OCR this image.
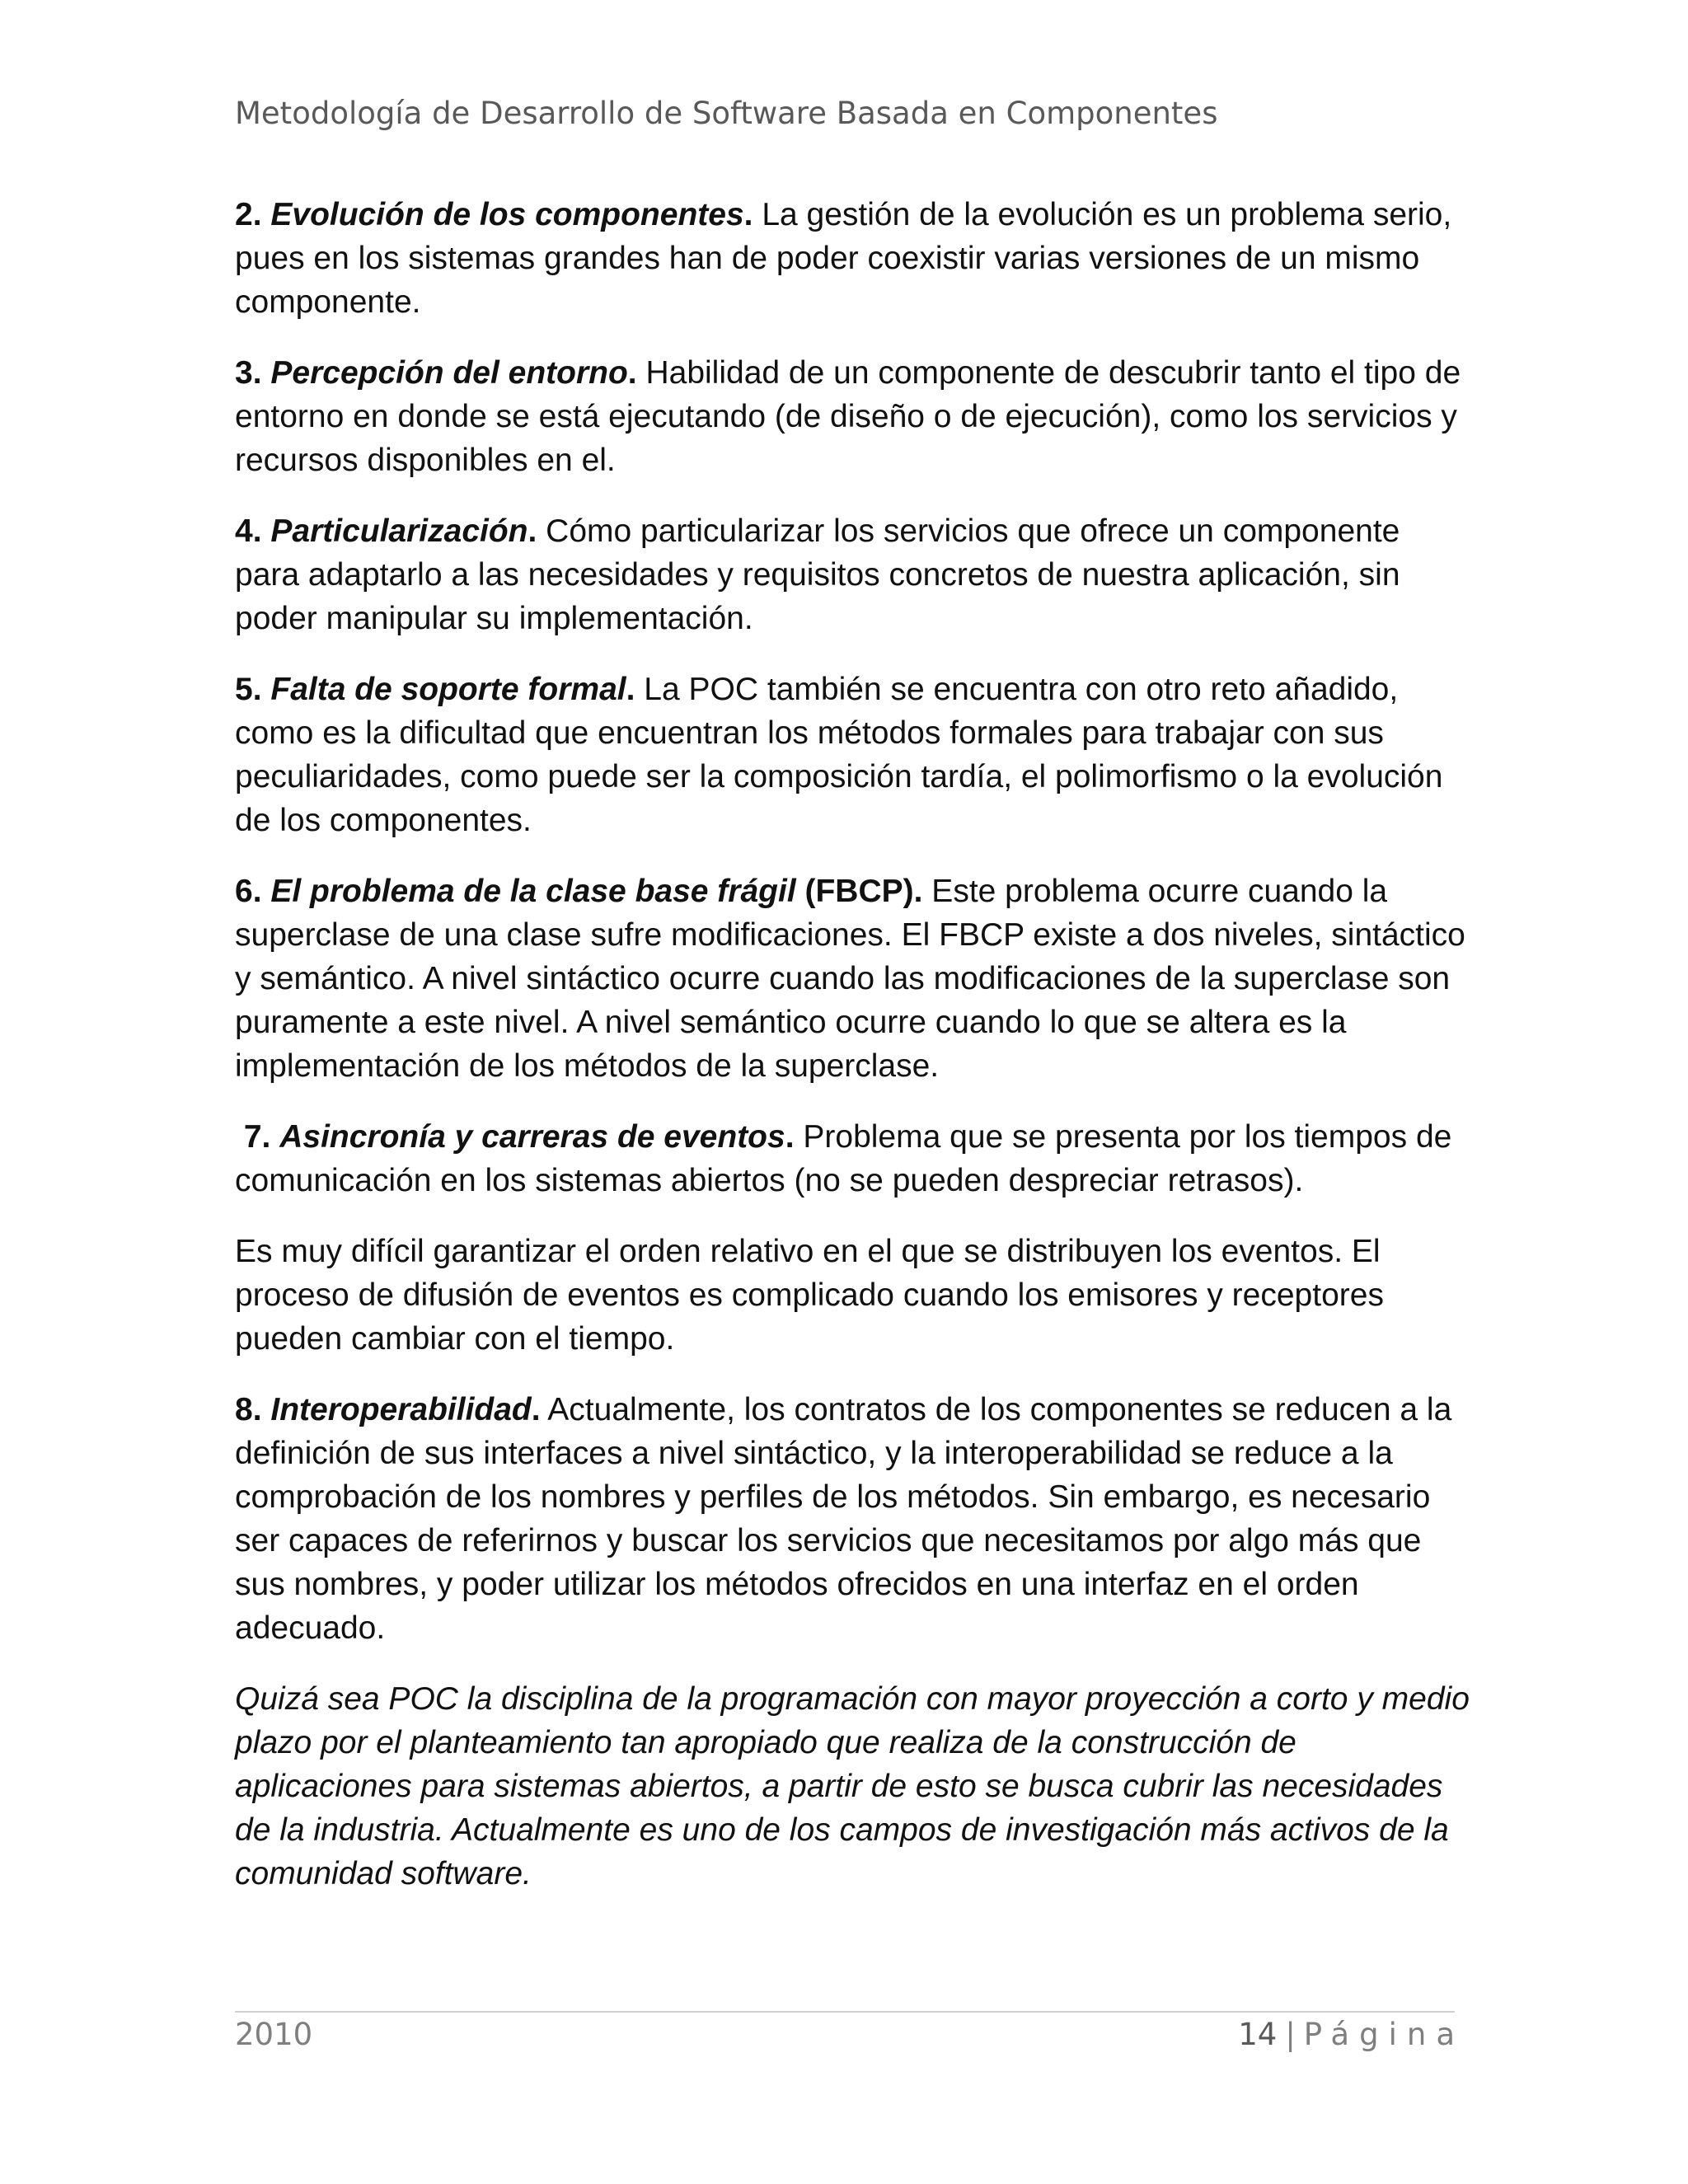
Metodología de Desarrollo de Software Basada en Componentes

2. Evolución de los componentes. La gestión de la evolución es un problema serio, pues en los sistemas grandes han de poder coexistir varias versiones de un mismo componente.

3. Percepción del entorno. Habilidad de un componente de descubrir tanto el tipo de entorno en donde se está ejecutando (de diseño o de ejecución), como los servicios y recursos disponibles en el.

4. Particularización. Cómo particularizar los servicios que ofrece un componente para adaptarlo a las necesidades y requisitos concretos de nuestra aplicación, sin poder manipular su implementación.

5. Falta de soporte formal. La POC también se encuentra con otro reto añadido, como es la dificultad que encuentran los métodos formales para trabajar con sus peculiaridades, como puede ser la composición tardía, el polimorfismo o la evolución de los componentes.

6. El problema de la clase base frágil (FBCP). Este problema ocurre cuando la superclase de una clase sufre modificaciones. El FBCP existe a dos niveles, sintáctico y semántico. A nivel sintáctico ocurre cuando las modificaciones de la superclase son puramente a este nivel. A nivel semántico ocurre cuando lo que se altera es la implementación de los métodos de la superclase.

7. Asincronía y carreras de eventos. Problema que se presenta por los tiempos de comunicación en los sistemas abiertos (no se pueden despreciar retrasos).

Es muy difícil garantizar el orden relativo en el que se distribuyen los eventos. El proceso de difusión de eventos es complicado cuando los emisores y receptores pueden cambiar con el tiempo.

8. Interoperabilidad. Actualmente, los contratos de los componentes se reducen a la definición de sus interfaces a nivel sintáctico, y la interoperabilidad se reduce a la comprobación de los nombres y perfiles de los métodos. Sin embargo, es necesario ser capaces de referirnos y buscar los servicios que necesitamos por algo más que sus nombres, y poder utilizar los métodos ofrecidos en una interfaz en el orden adecuado.

Quizá sea POC la disciplina de la programación con mayor proyección a corto y medio plazo por el planteamiento tan apropiado que realiza de la construcción de aplicaciones para sistemas abiertos, a partir de esto se busca cubrir las necesidades de la industria. Actualmente es uno de los campos de investigación más activos de la comunidad software.

2010	14 | Página
